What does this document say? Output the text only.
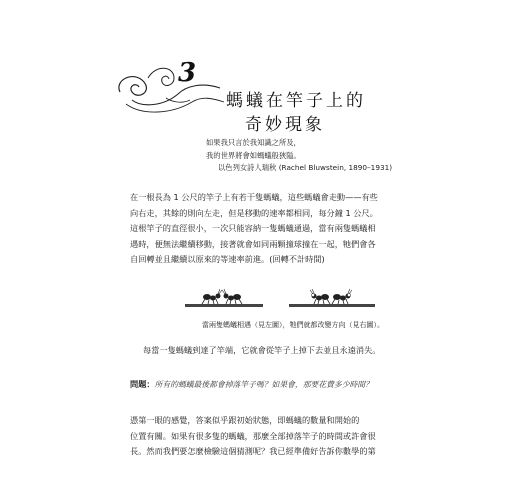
3
螞蟻在竿子上的
奇妙現象
如果我只言於我知識之所及，
我的世界將會如螞蟻般狹隘。
以色列女詩人瑞秋 (Rachel Bluwstein, 1890–1931)
在一根長為 1 公尺的竿子上有若干隻螞蟻，這些螞蟻會走動——有些
向右走，其餘的則向左走，但是移動的速率都相同，每分鐘 1 公尺。
這根竿子的直徑很小，一次只能容納一隻螞蟻通過，當有兩隻螞蟻相
遇時，便無法繼續移動，接著就會如同兩顆撞球撞在一起，牠們會各
自回轉並且繼續以原來的等速率前進。(回轉不計時間)
當兩隻螞蟻相遇（見左圖），牠們就都改變方向（見右圖）。
每當一隻螞蟻到達了竿端，它就會從竿子上掉下去並且永遠消失。
問題：所有的螞蟻最後都會掉落竿子嗎？如果會，那要花費多少時間？
憑第一眼的感覺，答案似乎跟初始狀態，即螞蟻的數量和開始的
位置有關。如果有很多隻的螞蟻，那麼全部掉落竿子的時間或許會很
長。然而我們要怎麼檢驗這個猜測呢？我已經準備好告訴你數學的第
